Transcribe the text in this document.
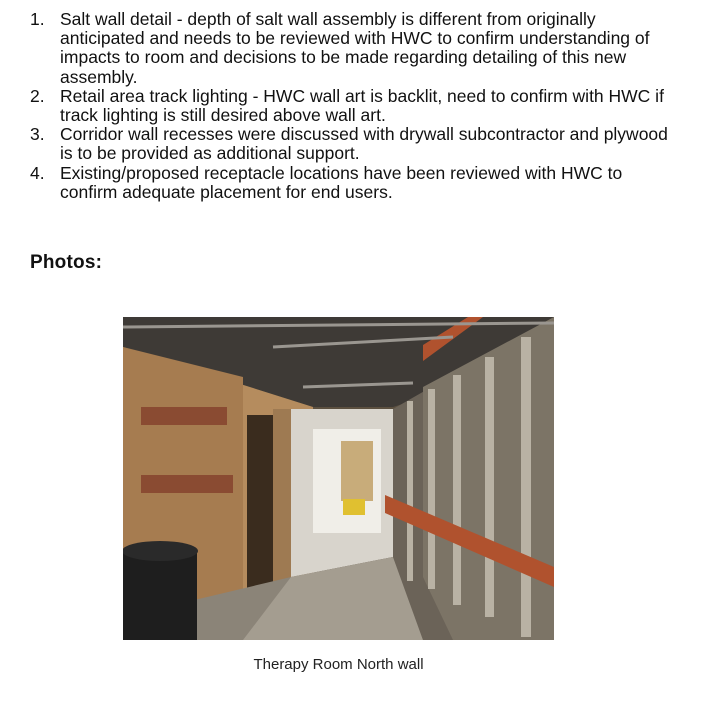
1. Salt wall detail - depth of salt wall assembly is different from originally anticipated and needs to be reviewed with HWC to confirm understanding of impacts to room and decisions to be made regarding detailing of this new assembly.
2. Retail area track lighting - HWC wall art is backlit, need to confirm with HWC if track lighting is still desired above wall art.
3. Corridor wall recesses were discussed with drywall subcontractor and plywood is to be provided as additional support.
4. Existing/proposed receptacle locations have been reviewed with HWC to confirm adequate placement for end users.
Photos:
Therapy Room North wall
